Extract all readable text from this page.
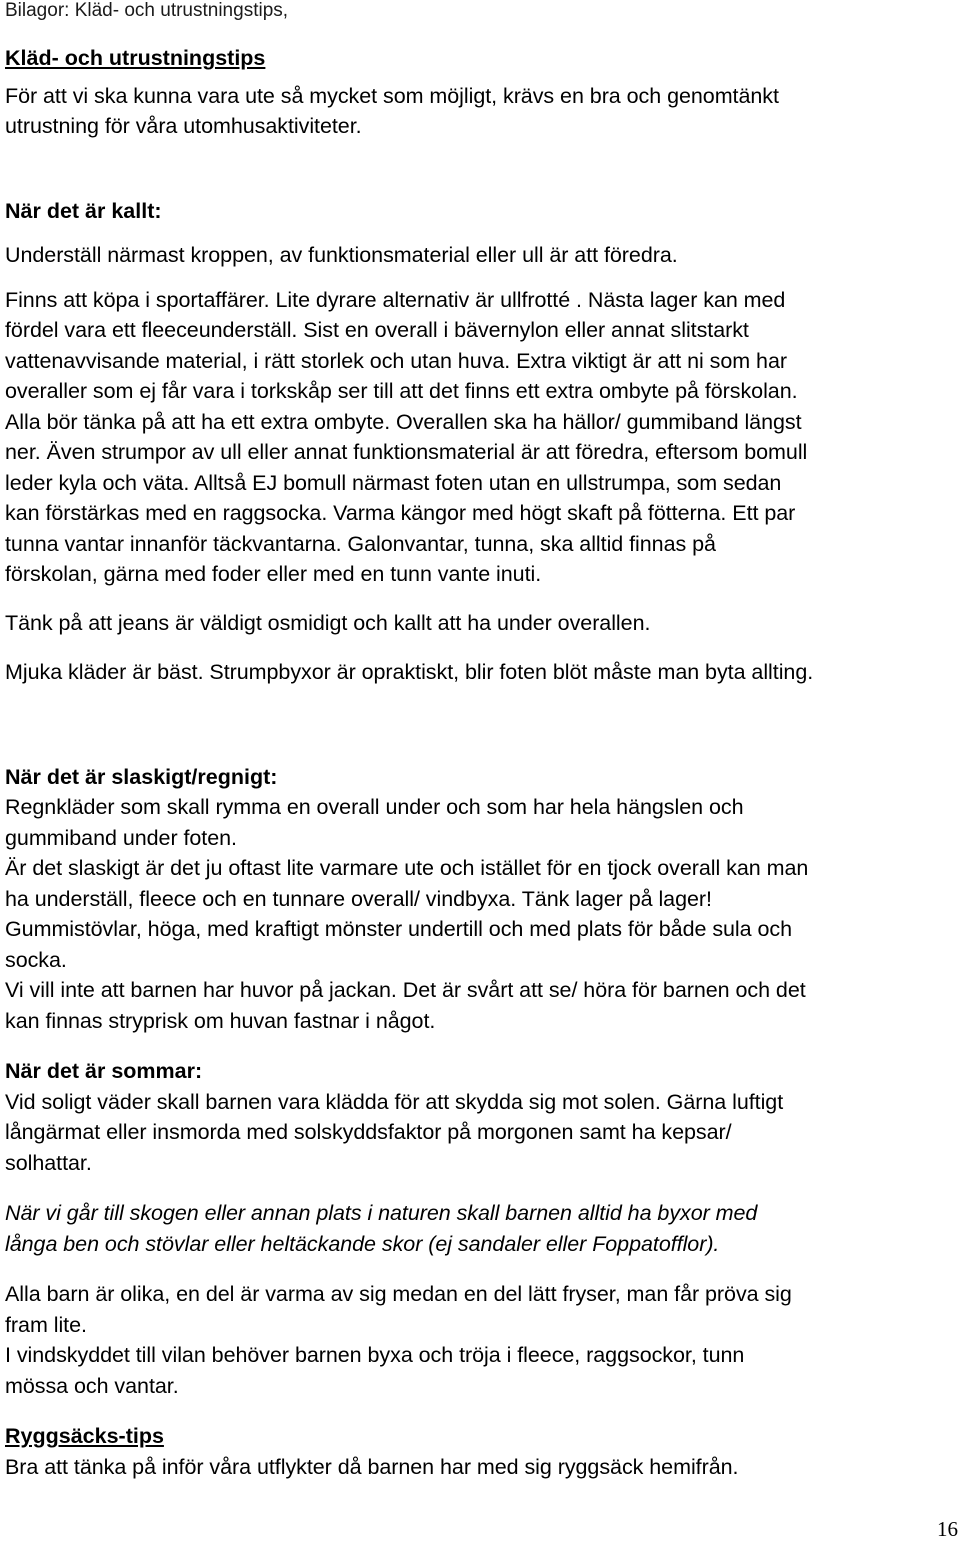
Bilagor: Kläd- och utrustningstips,
Kläd- och utrustningstips
För att vi ska kunna vara ute så mycket som möjligt, krävs en bra och genomtänkt
utrustning för våra utomhusaktiviteter.
När det är kallt:
Underställ närmast kroppen, av funktionsmaterial eller ull är att föredra.
Finns att köpa i sportaffärer. Lite dyrare alternativ är ullfrotté . Nästa lager kan med
fördel vara ett fleeceunderställ. Sist en overall i bävernylon eller annat slitstarkt
vattenavvisande material, i rätt storlek och utan huva. Extra viktigt är att ni som har
overaller som ej får vara i torkskåp ser till att det finns ett extra ombyte på förskolan.
Alla bör tänka på att ha ett extra ombyte. Overallen ska ha hällor/ gummiband längst
ner. Även strumpor av ull eller annat funktionsmaterial är att föredra, eftersom bomull
leder kyla och väta. Alltså EJ bomull närmast foten utan en ullstrumpa, som sedan
kan förstärkas med en raggsocka. Varma kängor med högt skaft på fötterna. Ett par
tunna vantar innanför täckvantarna. Galonvantar, tunna, ska alltid finnas på
förskolan, gärna med foder eller med en tunn vante inuti.
Tänk på att jeans är väldigt osmidigt och kallt att ha under overallen.
Mjuka kläder är bäst. Strumpbyxor är opraktiskt, blir foten blöt måste man byta allting.
När det är slaskigt/regnigt:
Regnkläder som skall rymma en overall under och som har hela hängslen och
gummiband under foten.
Är det slaskigt är det ju oftast lite varmare ute och istället för en tjock overall kan man
ha underställ, fleece och en tunnare overall/ vindbyxa. Tänk lager på lager!
Gummistövlar, höga, med kraftigt mönster undertill och med plats för både sula och
socka.
Vi vill inte att barnen har huvor på jackan. Det är svårt att se/ höra för barnen och det
kan finnas stryprisk om huvan fastnar i något.
När det är sommar:
Vid soligt väder skall barnen vara klädda för att skydda sig mot solen. Gärna luftigt
långärmat eller insmorda med solskyddsfaktor på morgonen samt ha kepsar/
solhattar.
När vi går till skogen eller annan plats i naturen skall barnen alltid ha byxor med
långa ben och stövlar eller heltäckande skor (ej sandaler eller Foppatofflor).
Alla barn är olika, en del är varma av sig medan en del lätt fryser, man får pröva sig
fram lite.
I vindskyddet till vilan behöver barnen byxa och tröja i fleece, raggsockor, tunn
mössa och vantar.
Ryggsäcks-tips
Bra att tänka på inför våra utflykter då barnen har med sig ryggsäck hemifrån.
16
